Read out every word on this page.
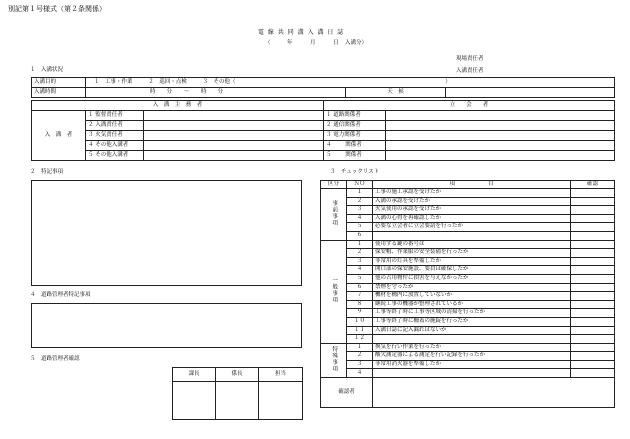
別記第１号様式（第２条関係）
電 線 共 同 溝 入 溝 日 誌
（	年	月	日 入溝分）
現場責任者
入溝責任者
１　入溝状況
入溝目的	１　工事・作業 ２　巡回・点検 ３　その他（ ）		
入溝時間	時　　分 ～ 時　　分	天　候	
入　溝　主　務　者			立　　会　　者	
入　溝　者	１ 監督責任者		１ 道路関係者	
	２ 入溝責任者		２ 通信関係者	
	３ 火気責任者		３ 電力関係者	
	４ その他入溝者		４ 関係者	
	５ その他入溝者		５ 関係者	
２　特記事項
４　道路管理者特記事項
５　道路管理者確認
課長	係長	担当

３　チェックリスト
区分	ＮＯ	項　　　　　　目	確認
事前事項	１	工事の施工承認を受けたか	
	２	入溝の承認を受けたか	
	３	火気使用の承認を受けたか	
	４	入溝の心得を再確認したか	
	５	必要な立会者に立会要請を行ったか	
	６		
一般事項	１	使用する鍵の番号は	
	２	保安帽、作業服の安全装備を行ったか	
	３	非常用の灯具を準備したか	
	４	開口部の保安施設、要員は確保したか	
	５	他の占用物件に損害を与えなかったか	
	６	禁煙を守ったか	
	７	機材を構内に放置していないか	
	８	継続工事の機器が整理されているか	
	９	工事等終了時に工事等区域の清掃を行ったか	
	１０	工事等終了時に柵蓋の施錠を行ったか	
	１１	入溝日誌に記入漏れはないか	
	１２		
特殊事項	１	換気を行い作業を行ったか	
	２	酸欠測定器による測定を行い記録を行ったか	
	３	非常用消火器を準備したか	
	４		
確認者			
